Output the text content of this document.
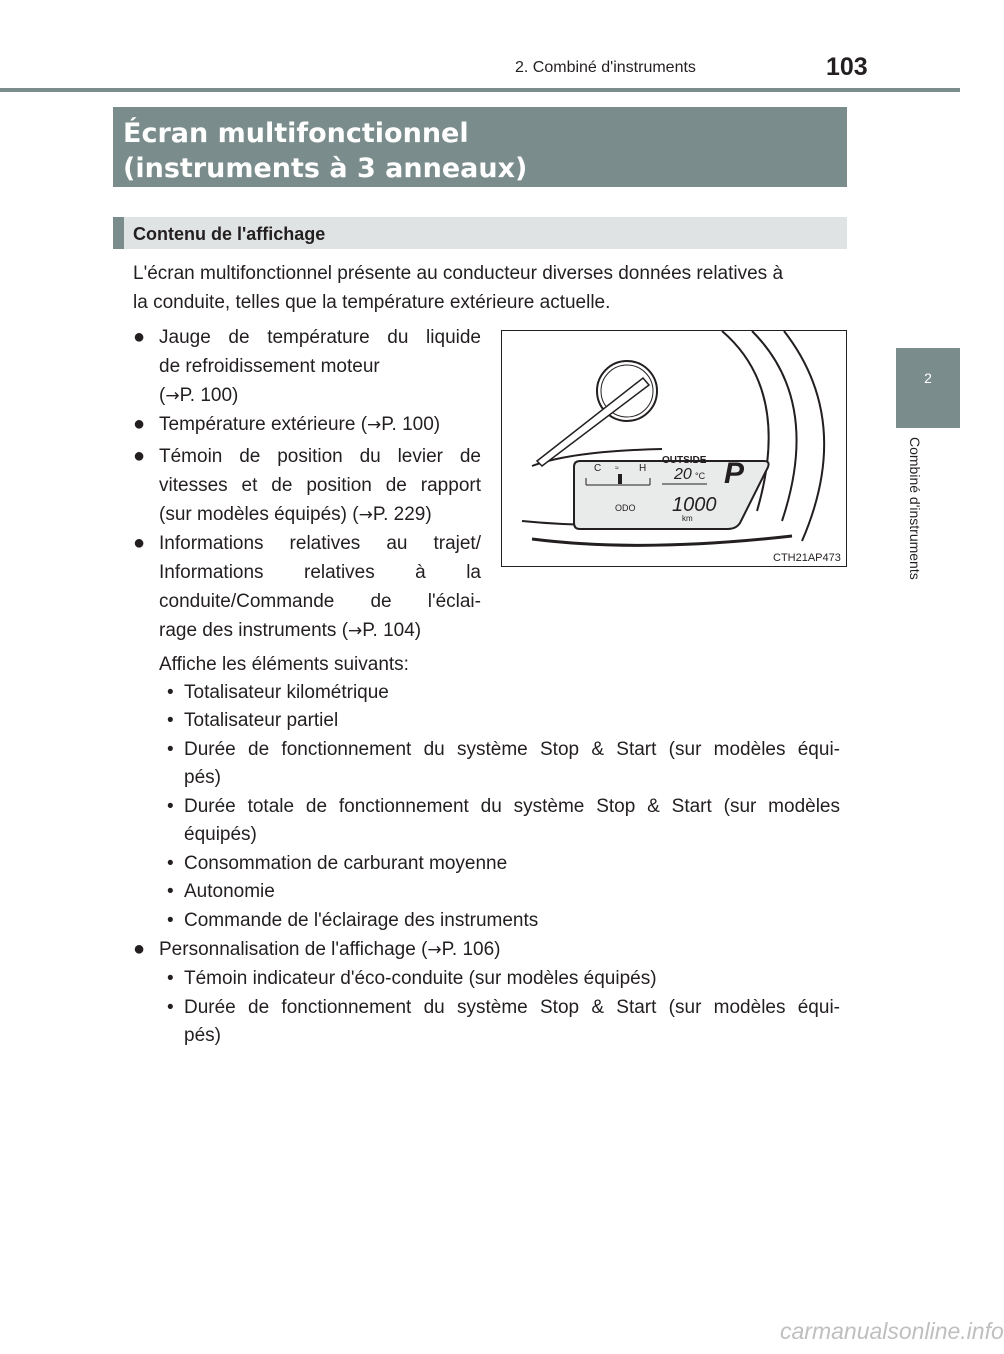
2. Combiné d'instruments	103
2
Combiné d'instruments
Écran multifonctionnel
(instruments à 3 anneaux)
Contenu de l'affichage
L'écran multifonctionnel présente au conducteur diverses données relatives à
la conduite, telles que la température extérieure actuelle.
● Jauge de température du liquide
de refroidissement moteur
(→P. 100)
● Température extérieure (→P. 100)
● Témoin de position du levier de
vitesses et de position de rapport
(sur modèles équipés) (→P. 229)
● Informations relatives au trajet/
Informations relatives à la
conduite/Commande de l'éclai-
rage des instruments (→P. 104)
Affiche les éléments suivants:
• Totalisateur kilométrique
• Totalisateur partiel
• Durée de fonctionnement du système Stop & Start (sur modèles équi-
pés)
• Durée totale de fonctionnement du système Stop & Start (sur modèles
équipés)
• Consommation de carburant moyenne
• Autonomie
• Commande de l'éclairage des instruments
● Personnalisation de l'affichage (→P. 106)
• Témoin indicateur d'éco-conduite (sur modèles équipés)
• Durée de fonctionnement du système Stop & Start (sur modèles équi-
pés)
C	H
≈
OUTSIDE
20 °C P
ODO 1000
km
CTH21AP473
carmanualsonline.info
